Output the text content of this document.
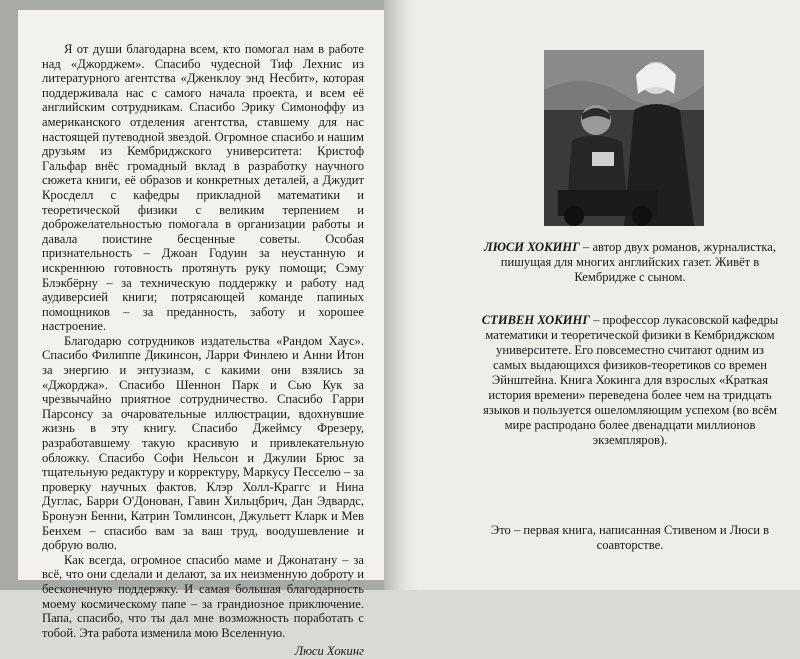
Я от души благодарна всем, кто помогал нам в работе над «Джорджем». Спасибо чудесной Тиф Лехнис из литературного агентства «Дженклоу энд Несбит», которая поддерживала нас с самого начала проекта, и всем её английским сотрудникам. Спасибо Эрику Симоноффу из американского отделения агентства, ставшему для нас настоящей путеводной звездой. Огромное спасибо и нашим друзьям из Кембриджского университета: Кристоф Гальфар внёс громадный вклад в разработку научного сюжета книги, её образов и конкретных деталей, а Джудит Кросделл с кафедры прикладной математики и теоретической физики с великим терпением и доброжелательностью помогала в организации работы и давала поистине бесценные советы. Особая признательность – Джоан Годуин за неустанную и искреннюю готовность протянуть руку помощи; Сэму Блэкбёрну – за техническую поддержку и работу над аудиверсией книги; потрясающей команде папиных помощников – за преданность, заботу и хорошее настроение.

Благодарю сотрудников издательства «Рандом Хаус». Спасибо Филиппе Дикинсон, Ларри Финлею и Анни Итон за энергию и энтузиазм, с какими они взялись за «Джорджа». Спасибо Шеннон Парк и Сью Кук за чрезвычайно приятное сотрудничество. Спасибо Гарри Парсонсу за очаровательные иллюстрации, вдохнувшие жизнь в эту книгу. Спасибо Джеймсу Фрезеру, разработавшему такую красивую и привлекательную обложку. Спасибо Софи Нельсон и Джулии Брюс за тщательную редактуру и корректуру, Маркусу Песселю – за проверку научных фактов. Клэр Холл-Краггс и Нина Дуглас, Барри О'Донован, Гавин Хильцбрич, Дан Эдвардс, Бронуэн Бенни, Катрин Томлинсон, Джульетт Кларк и Мев Бенхем – спасибо вам за ваш труд, воодушевление и добрую волю.

Как всегда, огромное спасибо маме и Джонатану – за всё, что они сделали и делают, за их неизменную доброту и бесконечную поддержку. И самая большая благодарность моему космическому папе – за грандиозное приключение. Папа, спасибо, что ты дал мне возможность поработать с тобой. Эта работа изменила мою Вселенную.

Люси Хокинг

ЛЮСИ ХОКИНГ – автор двух романов, журналистка, пишущая для многих английских газет. Живёт в Кембридже с сыном.
СТИВЕН ХОКИНГ – профессор лукасовской кафедры математики и теоретической физики в Кембриджском университете. Его повсеместно считают одним из самых выдающихся физиков-теоретиков со времен Эйнштейна. Книга Хокинга для взрослых «Краткая история времени» переведена более чем на тридцать языков и пользуется ошеломляющим успехом (во всём мире распродано более двенадцати миллионов экземпляров).
Это – первая книга, написанная Стивеном и Люси в соавторстве.
